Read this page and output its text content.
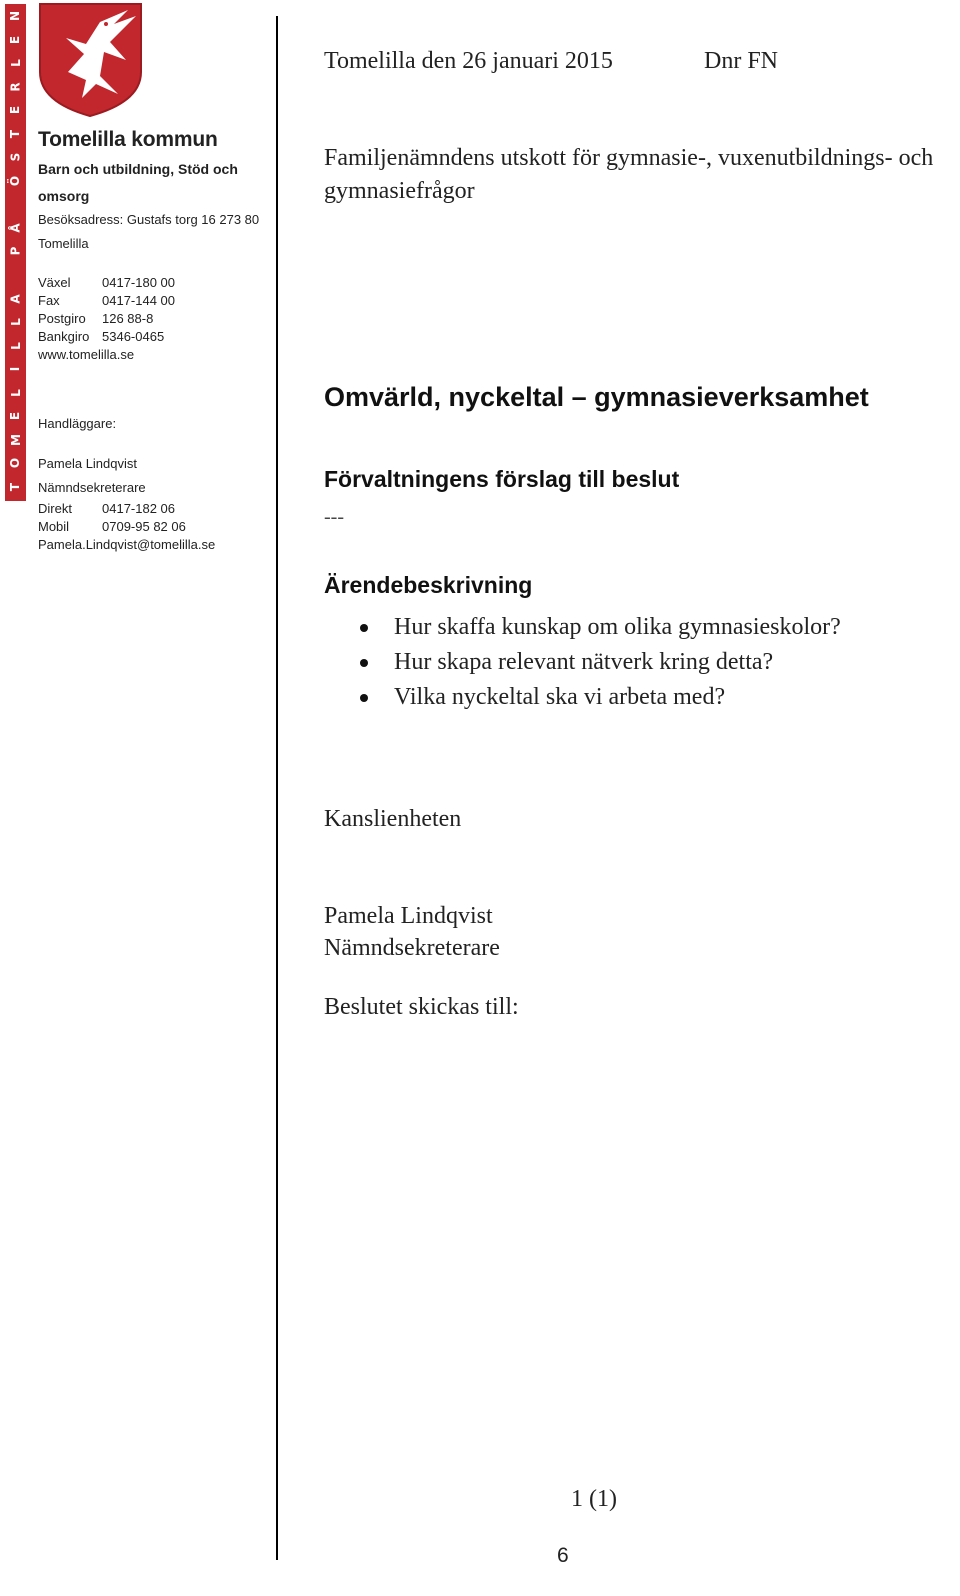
N
E
L
R
E
T
S
Ö
Å
P
A
L
L
I
L
E
M
O
T
Tomelilla kommun
Barn och utbildning, Stöd och omsorg
Besöksadress: Gustafs torg 16 273 80 Tomelilla
Växel	0417-180 00
Fax	0417-144 00
Postgiro	126 88-8
Bankgiro 5346-0465
www.tomelilla.se
Handläggare:
Pamela Lindqvist
Nämndsekreterare
Direkt	0417-182 06
Mobil	0709-95 82 06
Pamela.Lindqvist@tomelilla.se
Tomelilla den 26 januari 2015	Dnr FN
Familjenämndens utskott för gymnasie-, vuxenutbildnings- och gymnasiefrågor
Omvärld, nyckeltal – gymnasieverksamhet
Förvaltningens förslag till beslut
---
Ärendebeskrivning
Hur skaffa kunskap om olika gymnasieskolor?
Hur skapa relevant nätverk kring detta?
Vilka nyckeltal ska vi arbeta med?
Kanslienheten
Pamela Lindqvist
Nämndsekreterare
Beslutet skickas till:
1 (1)
6
